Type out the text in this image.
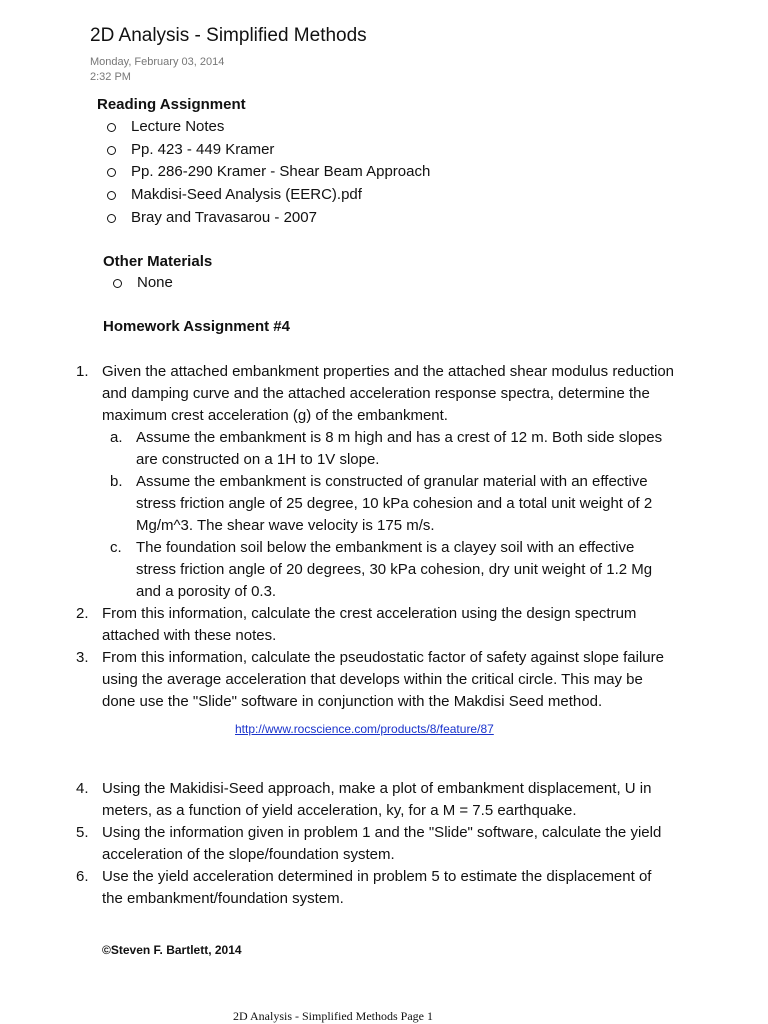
2D Analysis - Simplified Methods
Monday, February 03, 2014
2:32 PM
Reading Assignment
Lecture Notes
Pp. 423 - 449 Kramer
Pp. 286-290 Kramer - Shear Beam Approach
Makdisi-Seed Analysis (EERC).pdf
Bray and Travasarou - 2007
Other Materials
None
Homework Assignment #4
1. Given the attached embankment properties and the attached shear modulus reduction and damping curve and the attached acceleration response spectra, determine the maximum crest acceleration (g) of the embankment.
a. Assume the embankment is 8 m high and has a crest of 12 m. Both side slopes are constructed on a 1H to 1V slope.
b. Assume the embankment is constructed of granular material with an effective stress friction angle of 25 degree, 10 kPa cohesion and a total unit weight of 2 Mg/m^3. The shear wave velocity is 175 m/s.
c. The foundation soil below the embankment is a clayey soil with an effective stress friction angle of 20 degrees, 30 kPa cohesion, dry unit weight of 1.2 Mg and a porosity of 0.3.
2. From this information, calculate the crest acceleration using the design spectrum attached with these notes.
3. From this information, calculate the pseudostatic factor of safety against slope failure using the average acceleration that develops within the critical circle. This may be done use the "Slide" software in conjunction with the Makdisi Seed method.
http://www.rocscience.com/products/8/feature/87
4. Using the Makidisi-Seed approach, make a plot of embankment displacement, U in meters, as a function of yield acceleration, ky, for a M = 7.5 earthquake.
5. Using the information given in problem 1 and the "Slide" software, calculate the yield acceleration of the slope/foundation system.
6. Use the yield acceleration determined in problem 5 to estimate the displacement of the embankment/foundation system.
©Steven F. Bartlett, 2014
2D Analysis - Simplified Methods Page 1
